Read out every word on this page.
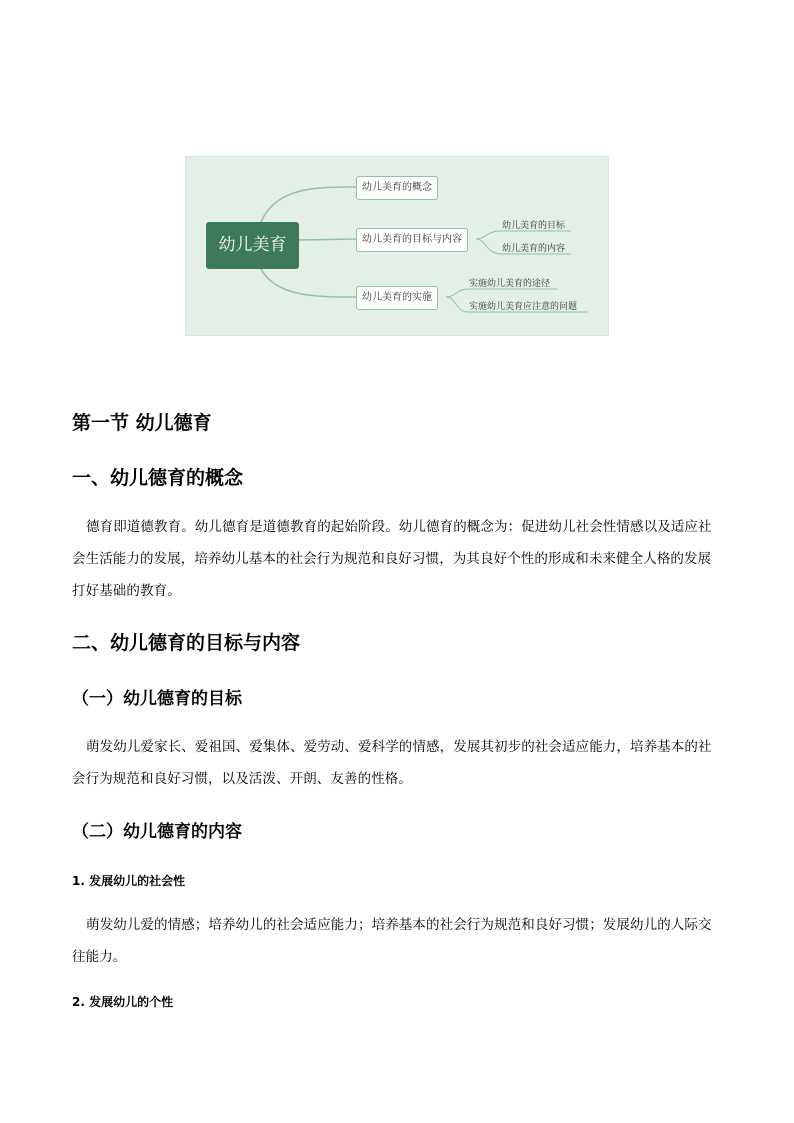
幼儿美育
幼儿美育的概念
幼儿美育的目标与内容
幼儿美育的实施
幼儿美育的目标
幼儿美育的内容
实施幼儿美育的途径
实施幼儿美育应注意的问题
第一节 幼儿德育
一、幼儿德育的概念
德育即道德教育。幼儿德育是道德教育的起始阶段。幼儿德育的概念为：促进幼儿社会性情感以及适应社会生活能力的发展，培养幼儿基本的社会行为规范和良好习惯，为其良好个性的形成和未来健全人格的发展打好基础的教育。
二、幼儿德育的目标与内容
（一）幼儿德育的目标
萌发幼儿爱家长、爱祖国、爱集体、爱劳动、爱科学的情感，发展其初步的社会适应能力，培养基本的社会行为规范和良好习惯，以及活泼、开朗、友善的性格。
（二）幼儿德育的内容
1. 发展幼儿的社会性
萌发幼儿爱的情感；培养幼儿的社会适应能力；培养基本的社会行为规范和良好习惯；发展幼儿的人际交往能力。
2. 发展幼儿的个性
